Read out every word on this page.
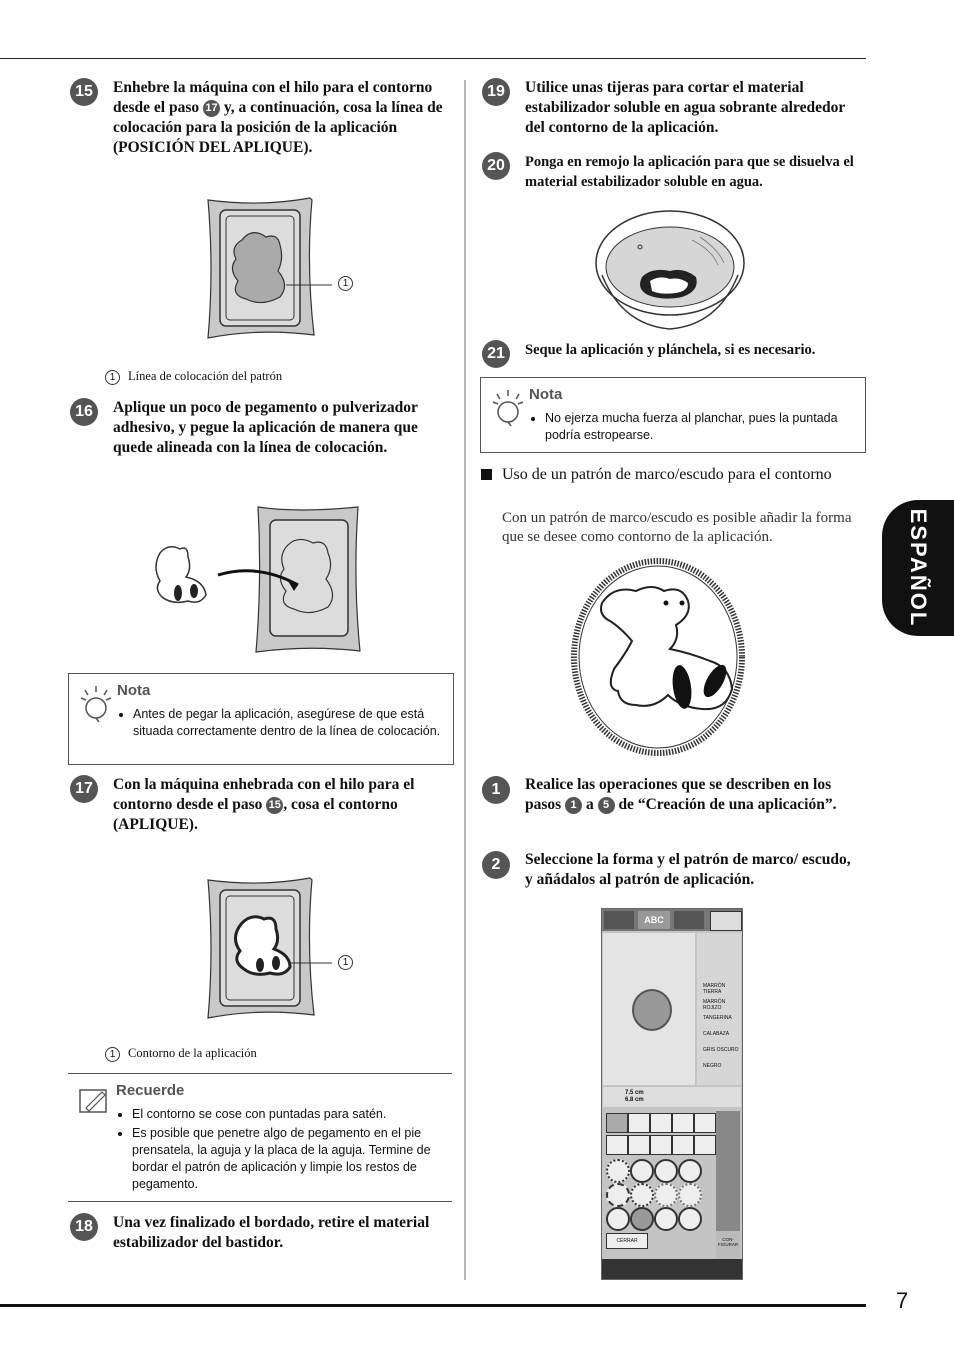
7
ESPAÑOL
15	Enhebre la máquina con el hilo para el contorno desde el paso 17 y, a continuación, cosa la línea de colocación para la posición de la aplicación (POSICIÓN DEL APLIQUE).
1
1 Línea de colocación del patrón
16	Aplique un poco de pegamento o pulverizador adhesivo, y pegue la aplicación de manera que quede alineada con la línea de colocación.
Nota
• Antes de pegar la aplicación, asegúrese de que está situada correctamente dentro de la línea de colocación.
17	Con la máquina enhebrada con el hilo para el contorno desde el paso 15 , cosa el contorno (APLIQUE).
1
1 Contorno de la aplicación
Recuerde
• El contorno se cose con puntadas para satén.
• Es posible que penetre algo de pegamento en el pie prensatela, la aguja y la placa de la aguja. Termine de bordar el patrón de aplicación y limpie los restos de pegamento.
18	Una vez finalizado el bordado, retire el material estabilizador del bastidor.
19	Utilice unas tijeras para cortar el material estabilizador soluble en agua sobrante alrededor del contorno de la aplicación.
20	Ponga en remojo la aplicación para que se disuelva el material estabilizador soluble en agua.
21	Seque la aplicación y plánchela, si es necesario.
Nota
• No ejerza mucha fuerza al planchar, pues la puntada podría estropearse.
Uso de un patrón de marco/escudo para el contorno
Con un patrón de marco/escudo es posible añadir la forma que se desee como contorno de la aplicación.
1	Realice las operaciones que se describen en los pasos 1 a 5 de “Creación de una aplicación”.
2	Seleccione la forma y el patrón de marco/ escudo, y añádalos al patrón de aplicación.
ABC
MARRÓN TIERRA
MARRÓN ROJIZO
TANGERINA
CALABAZA
GRIS OSCURO
NEGRO
7.5 cm
6.8 cm
CERRAR	CON- FIGURAR
